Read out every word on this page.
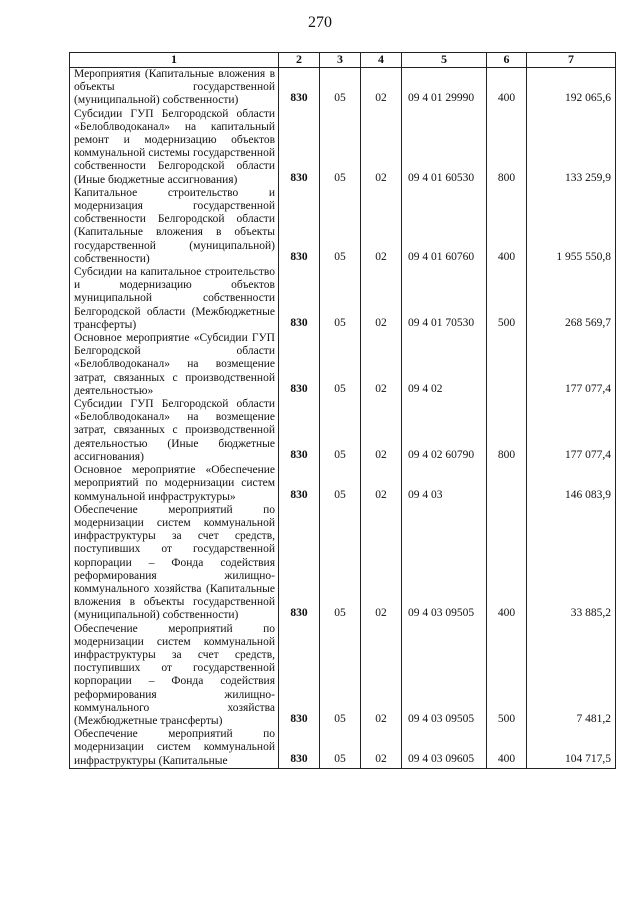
270
1	2	3	4	5	6	7
Мероприятия (Капитальные вложения в объекты государственной (муниципальной) собственности)	830	05	02	09 4 01 29990	400	192 065,6
Субсидии ГУП Белгородской области «Белоблводоканал» на капитальный ремонт и модернизацию объектов коммунальной системы государственной собственности Белгородской области (Иные бюджетные ассигнования)	830	05	02	09 4 01 60530	800	133 259,9
Капитальное строительство и модернизация государственной собственности Белгородской области (Капитальные вложения в объекты государственной (муниципальной) собственности)	830	05	02	09 4 01 60760	400	1 955 550,8
Субсидии на капитальное строительство и модернизацию объектов муниципальной собственности Белгородской области (Межбюджетные трансферты)	830	05	02	09 4 01 70530	500	268 569,7
Основное мероприятие «Субсидии ГУП Белгородской области «Белоблводоканал» на возмещение затрат, связанных с производственной деятельностью»	830	05	02	09 4 02		177 077,4
Субсидии ГУП Белгородской области «Белоблводоканал» на возмещение затрат, связанных с производственной деятельностью (Иные бюджетные ассигнования)	830	05	02	09 4 02 60790	800	177 077,4
Основное мероприятие «Обеспечение мероприятий по модернизации систем коммунальной инфраструктуры»	830	05	02	09 4 03		146 083,9
Обеспечение мероприятий по модернизации систем коммунальной инфраструктуры за счет средств, поступивших от государственной корпорации – Фонда содействия реформирования жилищно-коммунального хозяйства (Капитальные вложения в объекты государственной (муниципальной) собственности)	830	05	02	09 4 03 09505	400	33 885,2
Обеспечение мероприятий по модернизации систем коммунальной инфраструктуры за счет средств, поступивших от государственной корпорации – Фонда содействия реформирования жилищно-коммунального хозяйства (Межбюджетные трансферты)	830	05	02	09 4 03 09505	500	7 481,2
Обеспечение мероприятий по модернизации систем коммунальной инфраструктуры (Капитальные	830	05	02	09 4 03 09605	400	104 717,5
